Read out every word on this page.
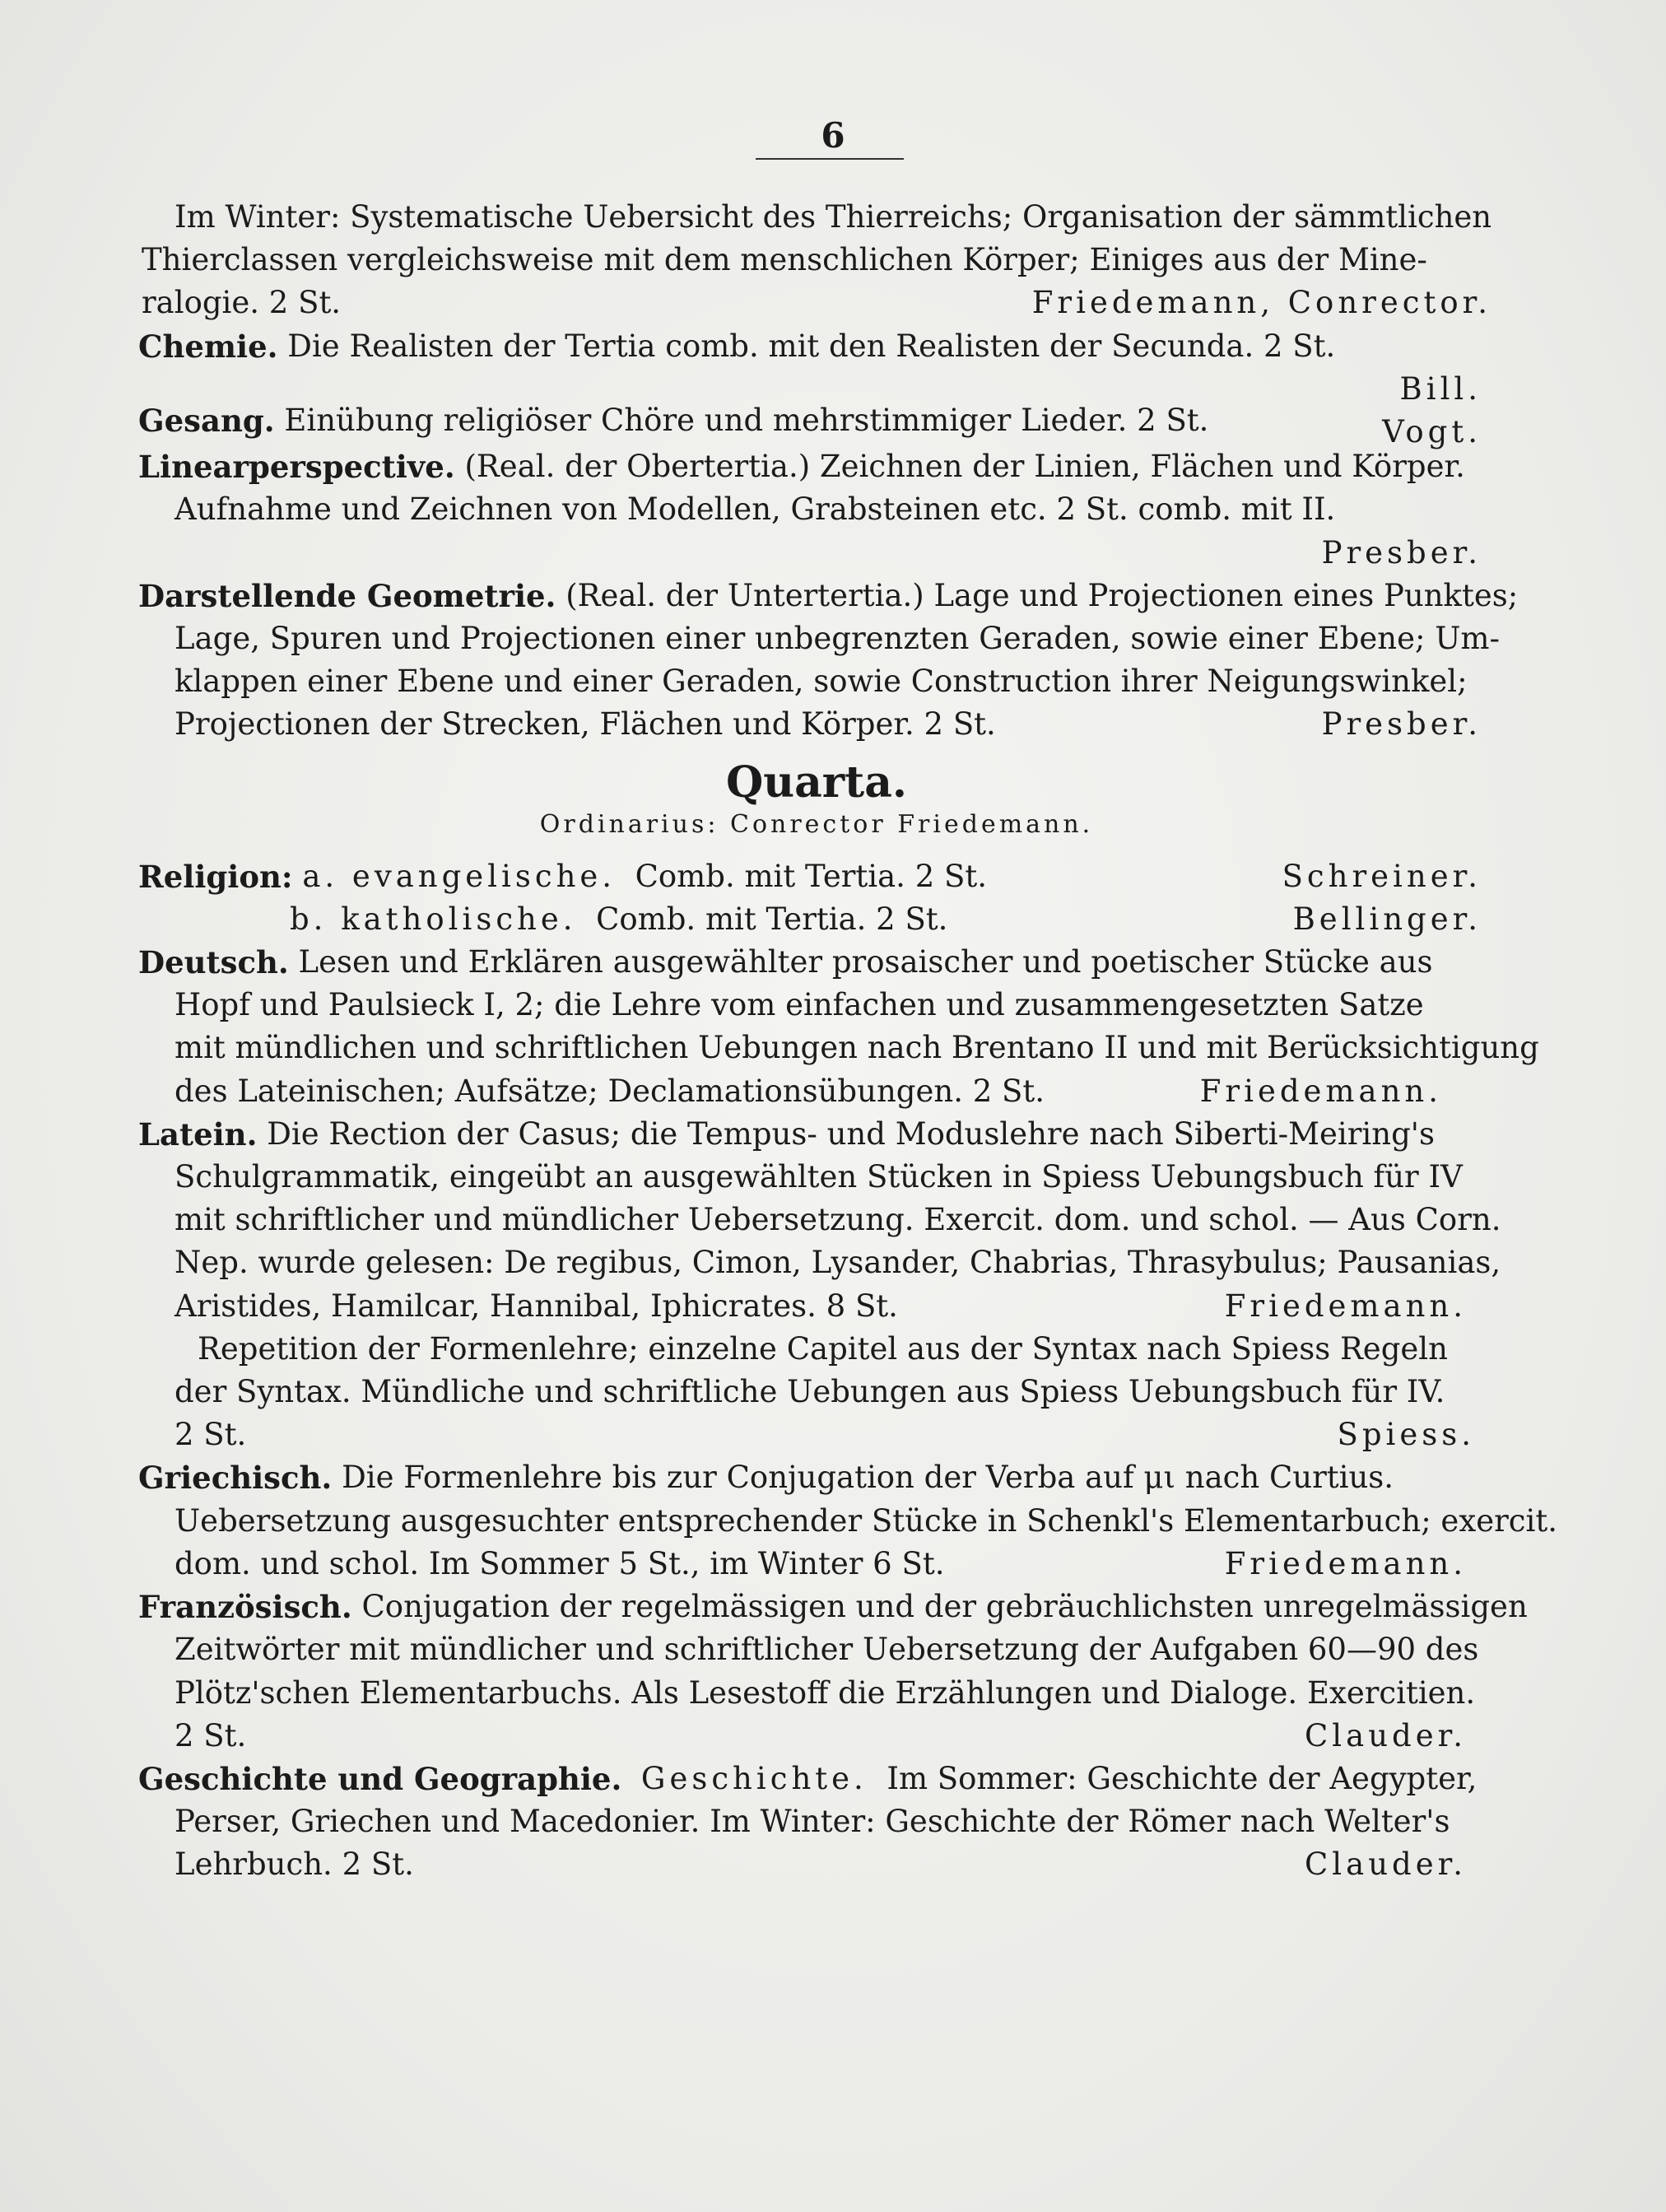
6
Im Winter: Systematische Uebersicht des Thierreichs; Organisation der sämmtlichen
Thierclassen vergleichsweise mit dem menschlichen Körper; Einiges aus der Mine-
ralogie. 2 St.	Friedemann, Conrector.
Chemie.
Die Realisten der Tertia comb. mit den Realisten der Secunda. 2 St.
Bill.
Gesang.
Einübung religiöser Chöre und mehrstimmiger Lieder. 2 St.	Vogt.
Linearperspective.
(Real. der Obertertia.) Zeichnen der Linien, Flächen und Körper.
Aufnahme und Zeichnen von Modellen, Grabsteinen etc. 2 St. comb. mit II.
Presber.
Darstellende Geometrie.
(Real. der Untertertia.) Lage und Projectionen eines Punktes;
Lage, Spuren und Projectionen einer unbegrenzten Geraden, sowie einer Ebene; Um-
klappen einer Ebene und einer Geraden, sowie Construction ihrer Neigungswinkel;
Projectionen der Strecken, Flächen und Körper. 2 St.	Presber.
Quarta.
Ordinarius: Conrector Friedemann.
Religion:
a. evangelische.
Comb. mit Tertia. 2 St.	Schreiner.
b. katholische.
Comb. mit Tertia. 2 St.	Bellinger.
Deutsch.
Lesen und Erklären ausgewählter prosaischer und poetischer Stücke aus
Hopf und Paulsieck I, 2; die Lehre vom einfachen und zusammengesetzten Satze
mit mündlichen und schriftlichen Uebungen nach Brentano II und mit Berücksichtigung
des Lateinischen; Aufsätze; Declamationsübungen. 2 St.	Friedemann.
Latein.
Die Rection der Casus; die Tempus- und Moduslehre nach Siberti-Meiring's
Schulgrammatik, eingeübt an ausgewählten Stücken in Spiess Uebungsbuch für IV
mit schriftlicher und mündlicher Uebersetzung. Exercit. dom. und schol. — Aus Corn.
Nep. wurde gelesen: De regibus, Cimon, Lysander, Chabrias, Thrasybulus; Pausanias,
Aristides, Hamilcar, Hannibal, Iphicrates. 8 St.	Friedemann.
Repetition der Formenlehre; einzelne Capitel aus der Syntax nach Spiess Regeln
der Syntax. Mündliche und schriftliche Uebungen aus Spiess Uebungsbuch für IV.
2 St.	Spiess.
Griechisch.
Die Formenlehre bis zur Conjugation der Verba auf μι nach Curtius.
Uebersetzung ausgesuchter entsprechender Stücke in Schenkl's Elementarbuch; exercit.
dom. und schol. Im Sommer 5 St., im Winter 6 St.	Friedemann.
Französisch.
Conjugation der regelmässigen und der gebräuchlichsten unregelmässigen
Zeitwörter mit mündlicher und schriftlicher Uebersetzung der Aufgaben 60—90 des
Plötz'schen Elementarbuchs. Als Lesestoff die Erzählungen und Dialoge. Exercitien.
2 St.	Clauder.
Geschichte und Geographie.
Geschichte.
Im Sommer: Geschichte der Aegypter,
Perser, Griechen und Macedonier. Im Winter: Geschichte der Römer nach Welter's
Lehrbuch. 2 St.	Clauder.
